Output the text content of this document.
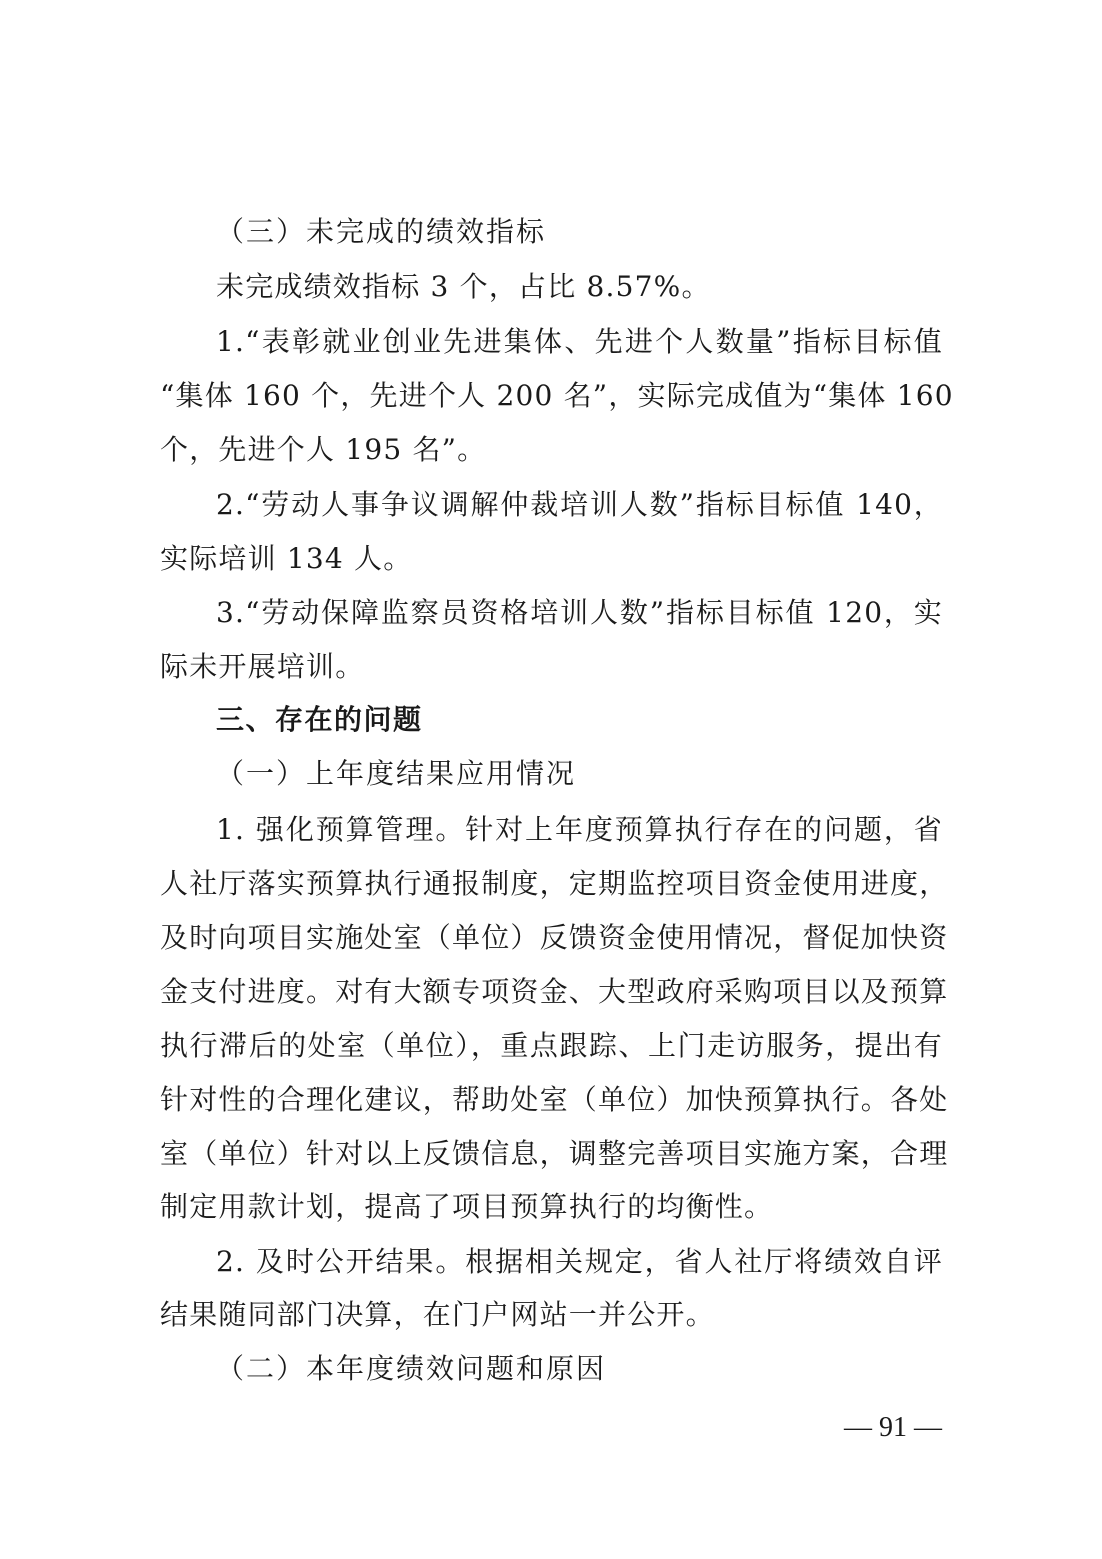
（三）未完成的绩效指标
未完成绩效指标 3 个，占比 8.57%。
1.“表彰就业创业先进集体、先进个人数量”指标目标值
“集体 160 个，先进个人 200 名”，实际完成值为“集体 160
个，先进个人 195 名”。
2.“劳动人事争议调解仲裁培训人数”指标目标值 140，
实际培训 134 人。
3.“劳动保障监察员资格培训人数”指标目标值 120，实
际未开展培训。
三、存在的问题
（一）上年度结果应用情况
1. 强化预算管理。针对上年度预算执行存在的问题，省
人社厅落实预算执行通报制度，定期监控项目资金使用进度，
及时向项目实施处室（单位）反馈资金使用情况，督促加快资
金支付进度。对有大额专项资金、大型政府采购项目以及预算
执行滞后的处室（单位），重点跟踪、上门走访服务，提出有
针对性的合理化建议，帮助处室（单位）加快预算执行。各处
室（单位）针对以上反馈信息，调整完善项目实施方案，合理
制定用款计划，提高了项目预算执行的均衡性。
2. 及时公开结果。根据相关规定，省人社厅将绩效自评
结果随同部门决算，在门户网站一并公开。
（二）本年度绩效问题和原因
— 91 —
